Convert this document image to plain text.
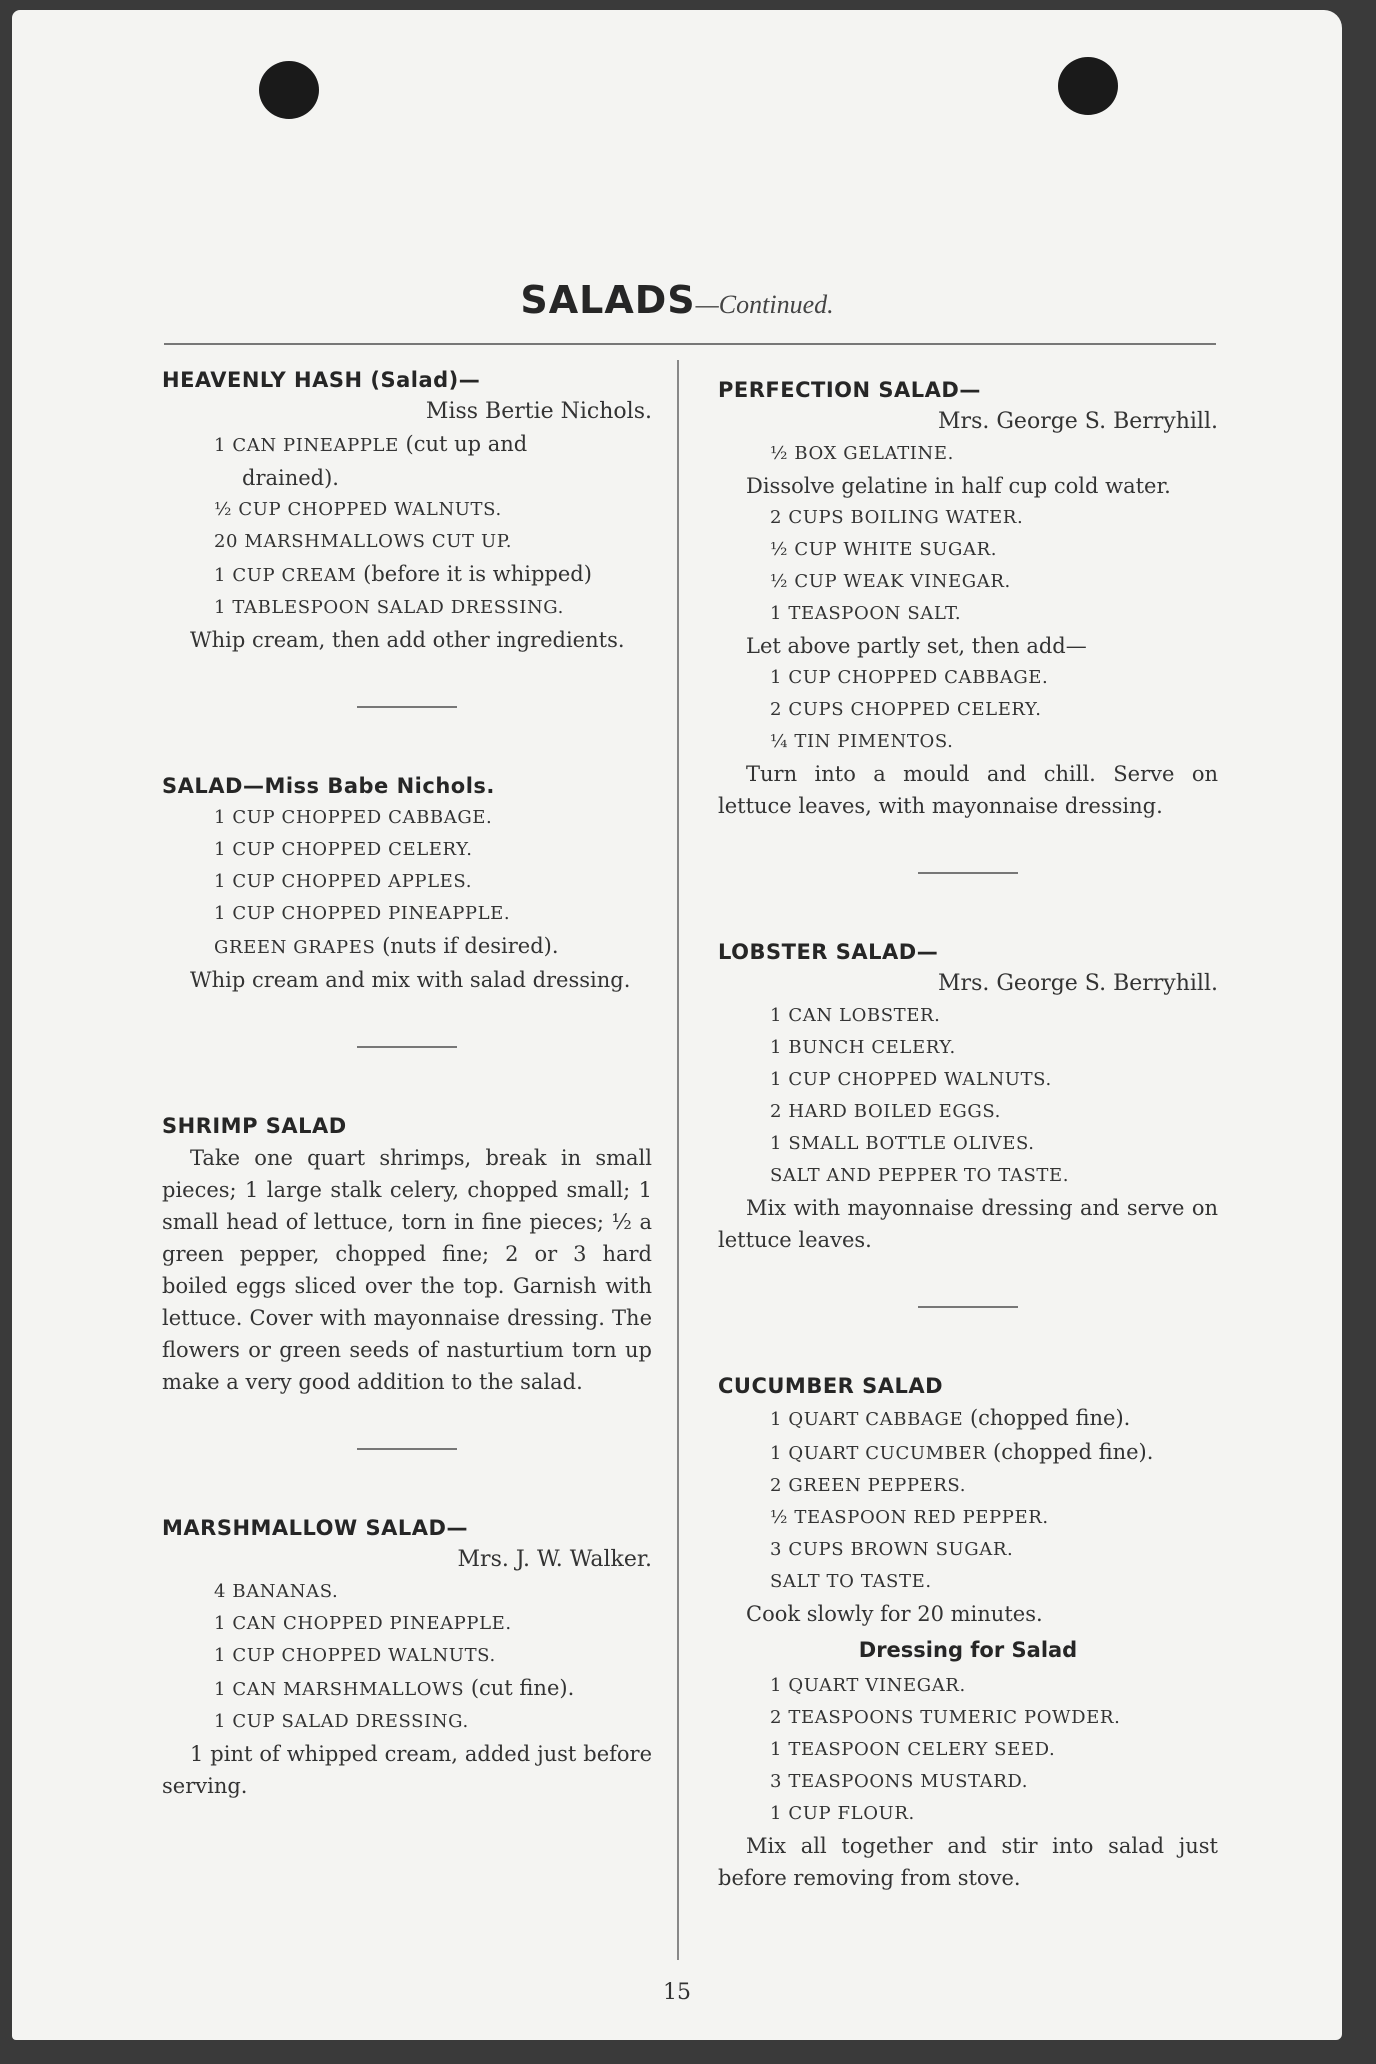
SALADS—Continued.
HEAVENLY HASH (Salad)—
Miss Bertie Nichols.
1 CAN PINEAPPLE (cut up and
drained).
½ CUP CHOPPED WALNUTS.
20 MARSHMALLOWS CUT UP.
1 CUP CREAM (before it is whipped)
1 TABLESPOON SALAD DRESSING.
Whip cream, then add other ingredients.
SALAD—Miss Babe Nichols.
1 CUP CHOPPED CABBAGE.
1 CUP CHOPPED CELERY.
1 CUP CHOPPED APPLES.
1 CUP CHOPPED PINEAPPLE.
GREEN GRAPES (nuts if desired).
Whip cream and mix with salad dressing.
SHRIMP SALAD
Take one quart shrimps, break in small pieces; 1 large stalk celery, chopped small; 1 small head of lettuce, torn in fine pieces; ½ a green pepper, chopped fine; 2 or 3 hard boiled eggs sliced over the top. Garnish with lettuce. Cover with mayonnaise dressing. The flowers or green seeds of nasturtium torn up make a very good addition to the salad.
MARSHMALLOW SALAD—
Mrs. J. W. Walker.
4 BANANAS.
1 CAN CHOPPED PINEAPPLE.
1 CUP CHOPPED WALNUTS.
1 CAN MARSHMALLOWS (cut fine).
1 CUP SALAD DRESSING.
1 pint of whipped cream, added just before serving.
PERFECTION SALAD—
Mrs. George S. Berryhill.
½ BOX GELATINE.
Dissolve gelatine in half cup cold water.
2 CUPS BOILING WATER.
½ CUP WHITE SUGAR.
½ CUP WEAK VINEGAR.
1 TEASPOON SALT.
Let above partly set, then add—
1 CUP CHOPPED CABBAGE.
2 CUPS CHOPPED CELERY.
¼ TIN PIMENTOS.
Turn into a mould and chill. Serve on lettuce leaves, with mayonnaise dressing.
LOBSTER SALAD—
Mrs. George S. Berryhill.
1 CAN LOBSTER.
1 BUNCH CELERY.
1 CUP CHOPPED WALNUTS.
2 HARD BOILED EGGS.
1 SMALL BOTTLE OLIVES.
SALT AND PEPPER TO TASTE.
Mix with mayonnaise dressing and serve on lettuce leaves.
CUCUMBER SALAD
1 QUART CABBAGE (chopped fine).
1 QUART CUCUMBER (chopped fine).
2 GREEN PEPPERS.
½ TEASPOON RED PEPPER.
3 CUPS BROWN SUGAR.
SALT TO TASTE.
Cook slowly for 20 minutes.
Dressing for Salad
1 QUART VINEGAR.
2 TEASPOONS TUMERIC POWDER.
1 TEASPOON CELERY SEED.
3 TEASPOONS MUSTARD.
1 CUP FLOUR.
Mix all together and stir into salad just before removing from stove.
15
